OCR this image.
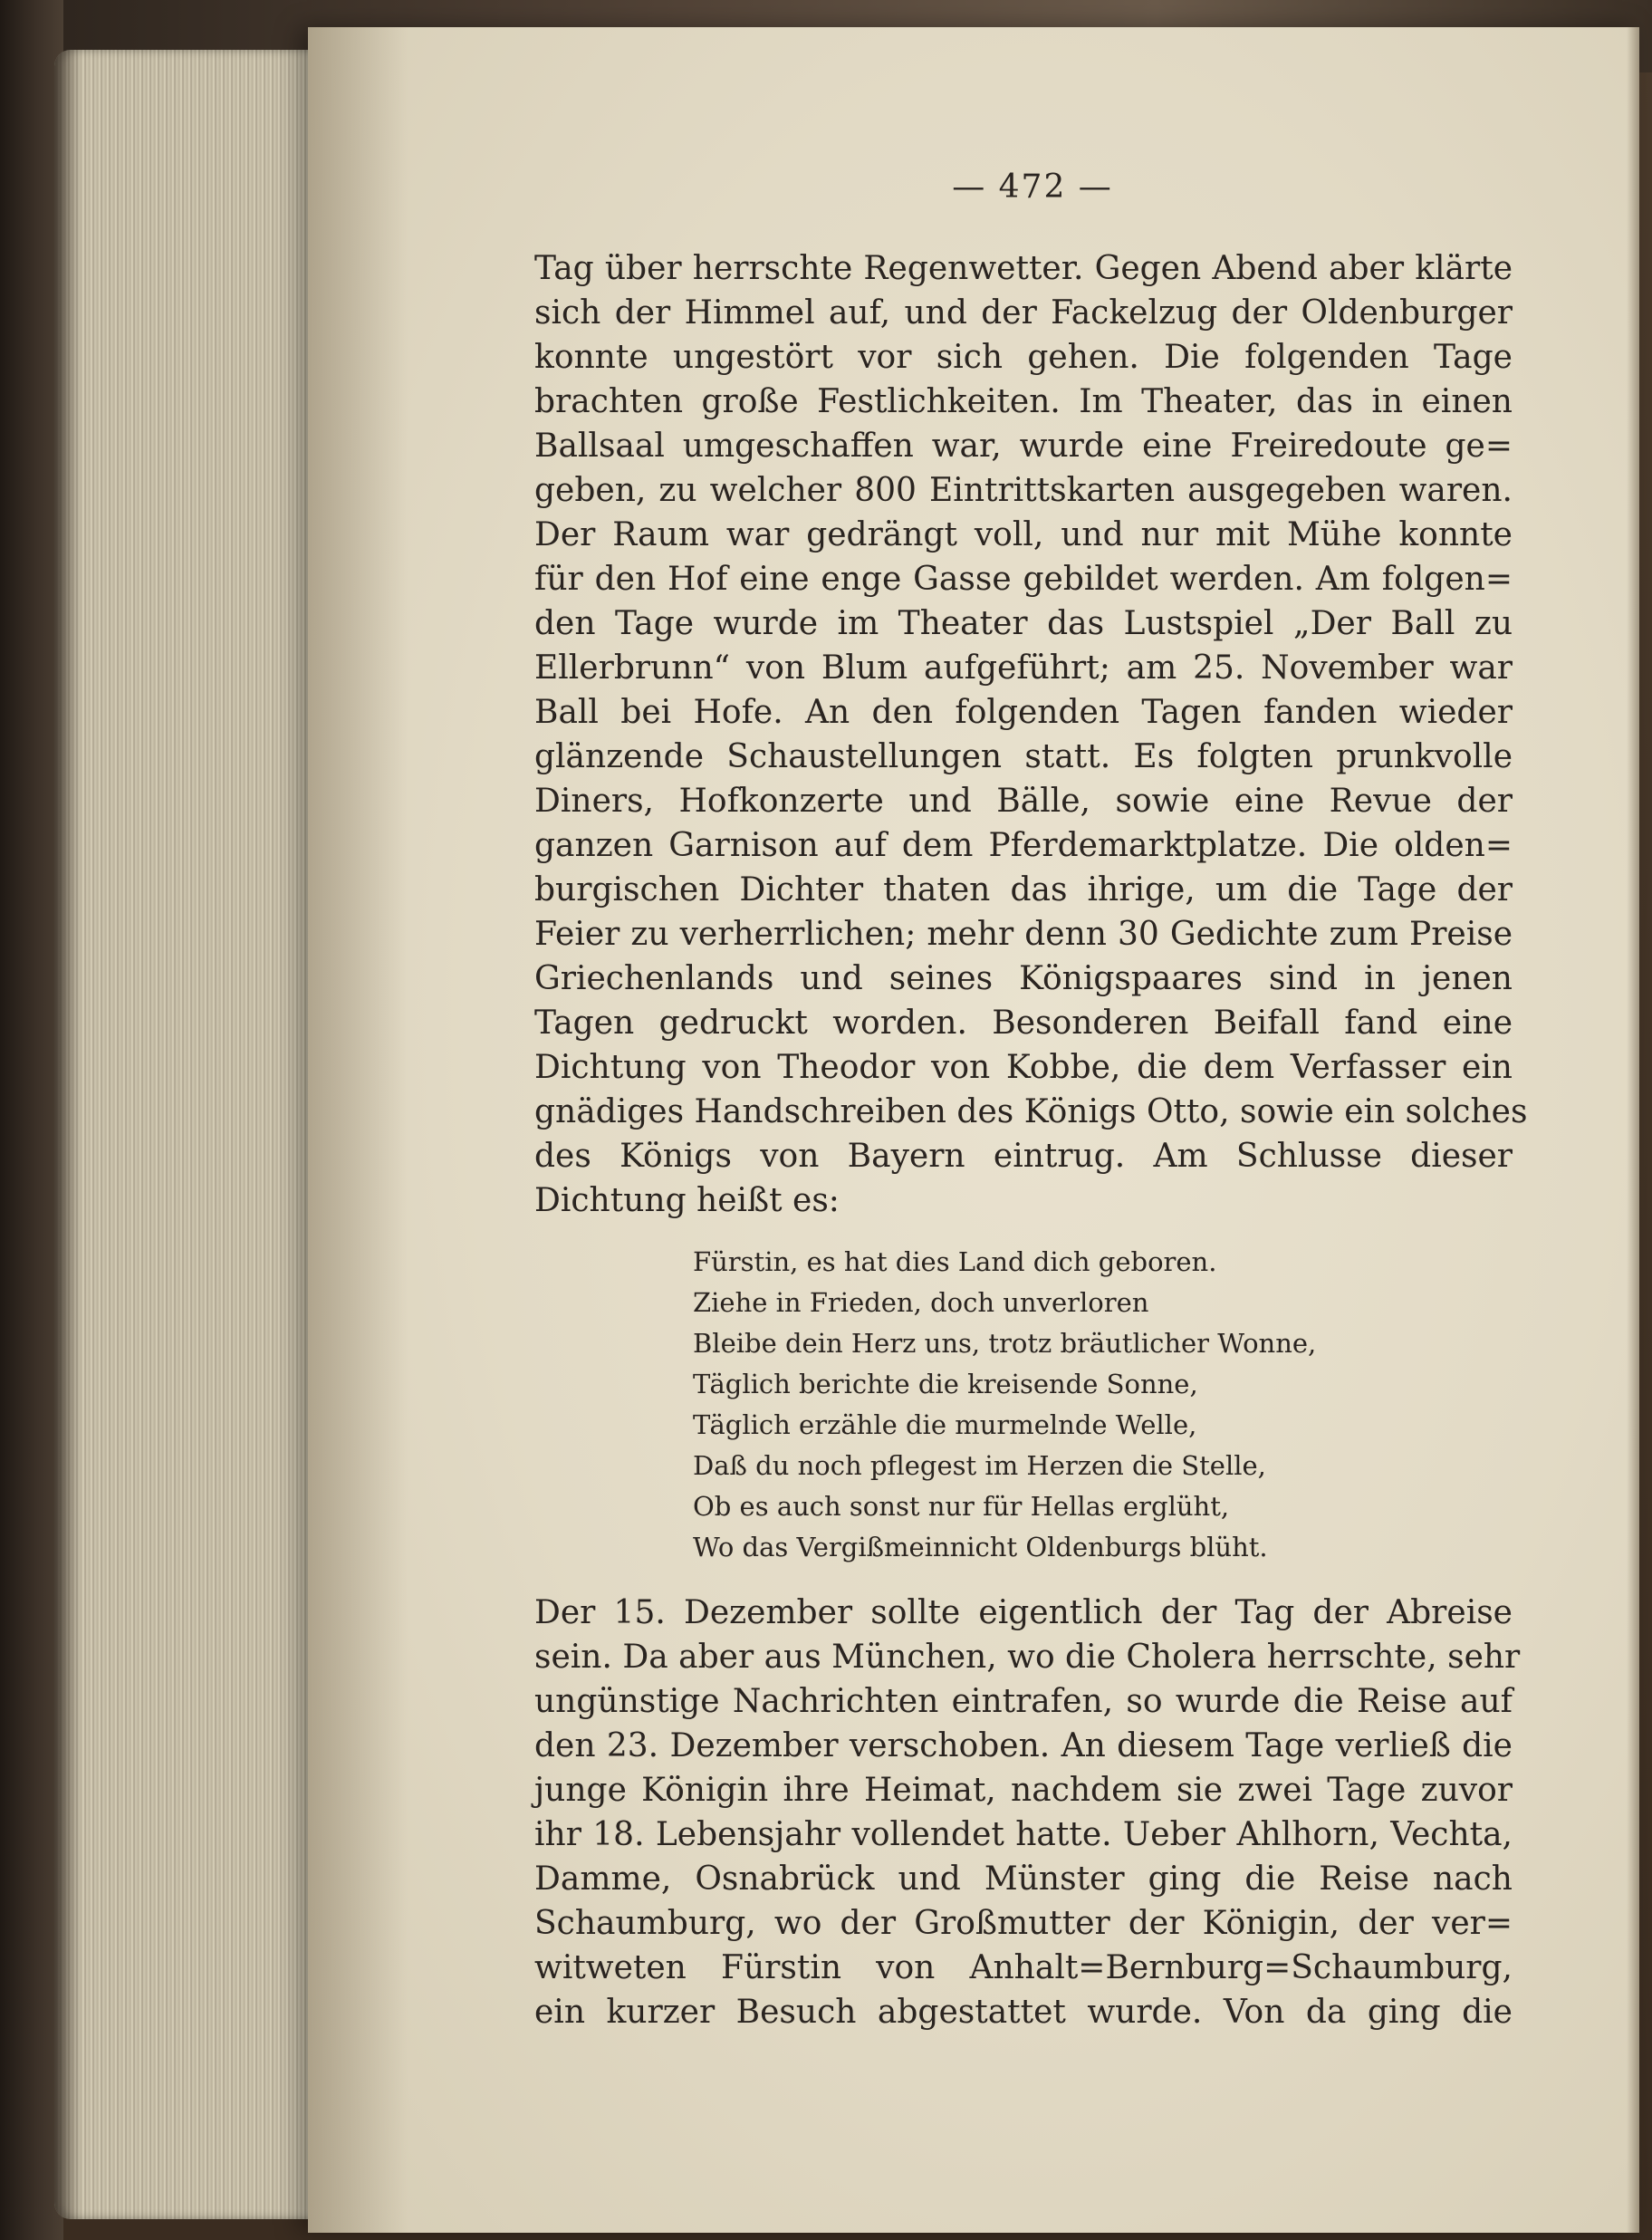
— 472 —
Tag über herrschte Regenwetter. Gegen Abend aber klärte
sich der Himmel auf, und der Fackelzug der Oldenburger
konnte ungestört vor sich gehen. Die folgenden Tage
brachten große Festlichkeiten. Im Theater, das in einen
Ballsaal umgeschaffen war, wurde eine Freiredoute ge=
geben, zu welcher 800 Eintrittskarten ausgegeben waren.
Der Raum war gedrängt voll, und nur mit Mühe konnte
für den Hof eine enge Gasse gebildet werden. Am folgen=
den Tage wurde im Theater das Lustspiel „Der Ball zu
Ellerbrunn“ von Blum aufgeführt; am 25. November war
Ball bei Hofe. An den folgenden Tagen fanden wieder
glänzende Schaustellungen statt. Es folgten prunkvolle
Diners, Hofkonzerte und Bälle, sowie eine Revue der
ganzen Garnison auf dem Pferdemarktplatze. Die olden=
burgischen Dichter thaten das ihrige, um die Tage der
Feier zu verherrlichen; mehr denn 30 Gedichte zum Preise
Griechenlands und seines Königspaares sind in jenen
Tagen gedruckt worden. Besonderen Beifall fand eine
Dichtung von Theodor von Kobbe, die dem Verfasser ein
gnädiges Handschreiben des Königs Otto, sowie ein solches
des Königs von Bayern eintrug. Am Schlusse dieser
Dichtung heißt es:
Fürstin, es hat dies Land dich geboren.
Ziehe in Frieden, doch unverloren
Bleibe dein Herz uns, trotz bräutlicher Wonne,
Täglich berichte die kreisende Sonne,
Täglich erzähle die murmelnde Welle,
Daß du noch pflegest im Herzen die Stelle,
Ob es auch sonst nur für Hellas erglüht,
Wo das Vergißmeinnicht Oldenburgs blüht.
Der 15. Dezember sollte eigentlich der Tag der Abreise
sein. Da aber aus München, wo die Cholera herrschte, sehr
ungünstige Nachrichten eintrafen, so wurde die Reise auf
den 23. Dezember verschoben. An diesem Tage verließ die
junge Königin ihre Heimat, nachdem sie zwei Tage zuvor
ihr 18. Lebensjahr vollendet hatte. Ueber Ahlhorn, Vechta,
Damme, Osnabrück und Münster ging die Reise nach
Schaumburg, wo der Großmutter der Königin, der ver=
witweten Fürstin von Anhalt=Bernburg=Schaumburg,
ein kurzer Besuch abgestattet wurde. Von da ging die
